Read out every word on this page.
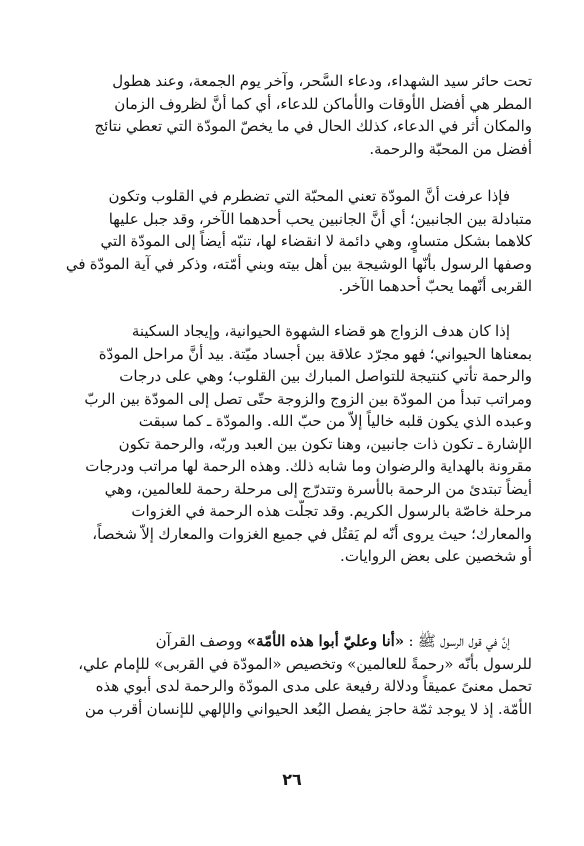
تحت حائر سيد الشهداء، ودعاء السَّحر، وآخر يوم الجمعة، وعند هطول
المطر هي أفضل الأوقات والأماكن للدعاء، أي كما أنَّ لظروف الزمان
والمكان أثر في الدعاء، كذلك الحال في ما يخصّ المودّة التي تعطي نتائج
أفضل من المحبّة والرحمة.
فإذا عرفت أنَّ المودّة تعني المحبّة التي تضطرم في القلوب وتكون
متبادلة بين الجانبين؛ أي أنَّ الجانبين يحب أحدهما الآخر، وقد جبل عليها
كلاهما بشكل متساوٍ، وهي دائمة لا انقضاء لها، تنبّه أيضاً إلى المودّة التي
وصفها الرسول بأنّها الوشيجة بين أهل بيته وبني أمّته، وذكر في آية المودّة في
القربى أنّهما يحبّ أحدهما الآخر.
إذا كان هدف الزواج هو قضاء الشهوة الحيوانية، وإيجاد السكينة
بمعناها الحيواني؛ فهو مجرّد علاقة بين أجساد ميّتة. بيد أنَّ مراحل المودّة
والرحمة تأتي كنتيجة للتواصل المبارك بين القلوب؛ وهي على درجات
ومراتب تبدأ من المودّة بين الزوج والزوجة حتّى تصل إلى المودّة بين الربّ
وعبده الذي يكون قلبه خالياً إلاّ من حبّ الله. والمودّة ـ كما سبقت
الإشارة ـ تكون ذات جانبين، وهنا تكون بين العبد وربّه، والرحمة تكون
مقرونة بالهداية والرضوان وما شابه ذلك. وهذه الرحمة لها مراتب ودرجات
أيضاً تبتدئ من الرحمة بالأسرة وتتدرّج إلى مرحلة رحمة للعالمين، وهي
مرحلة خاصّة بالرسول الكريم. وقد تجلّت هذه الرحمة في الغزوات
والمعارك؛ حيث يروى أنّه لم يَقتُل في جميع الغزوات والمعارك إلاّ شخصاً،
أو شخصين على بعض الروايات.
إنَّ في قول الرسول ﷺ : «أنا وعليّ أبوا هذه الأمّة» ووصف القرآن
للرسول بأنّه «رحمةً للعالمين» وتخصيص «المودّة في القربى» للإمام علي،
تحمل معنىً عميقاً ودلالة رفيعة على مدى المودّة والرحمة لدى أبوي هذه
الأمّة. إذ لا يوجد ثمّة حاجز يفصل البُعد الحيواني والإلهي للإنسان أقرب من
٢٦
